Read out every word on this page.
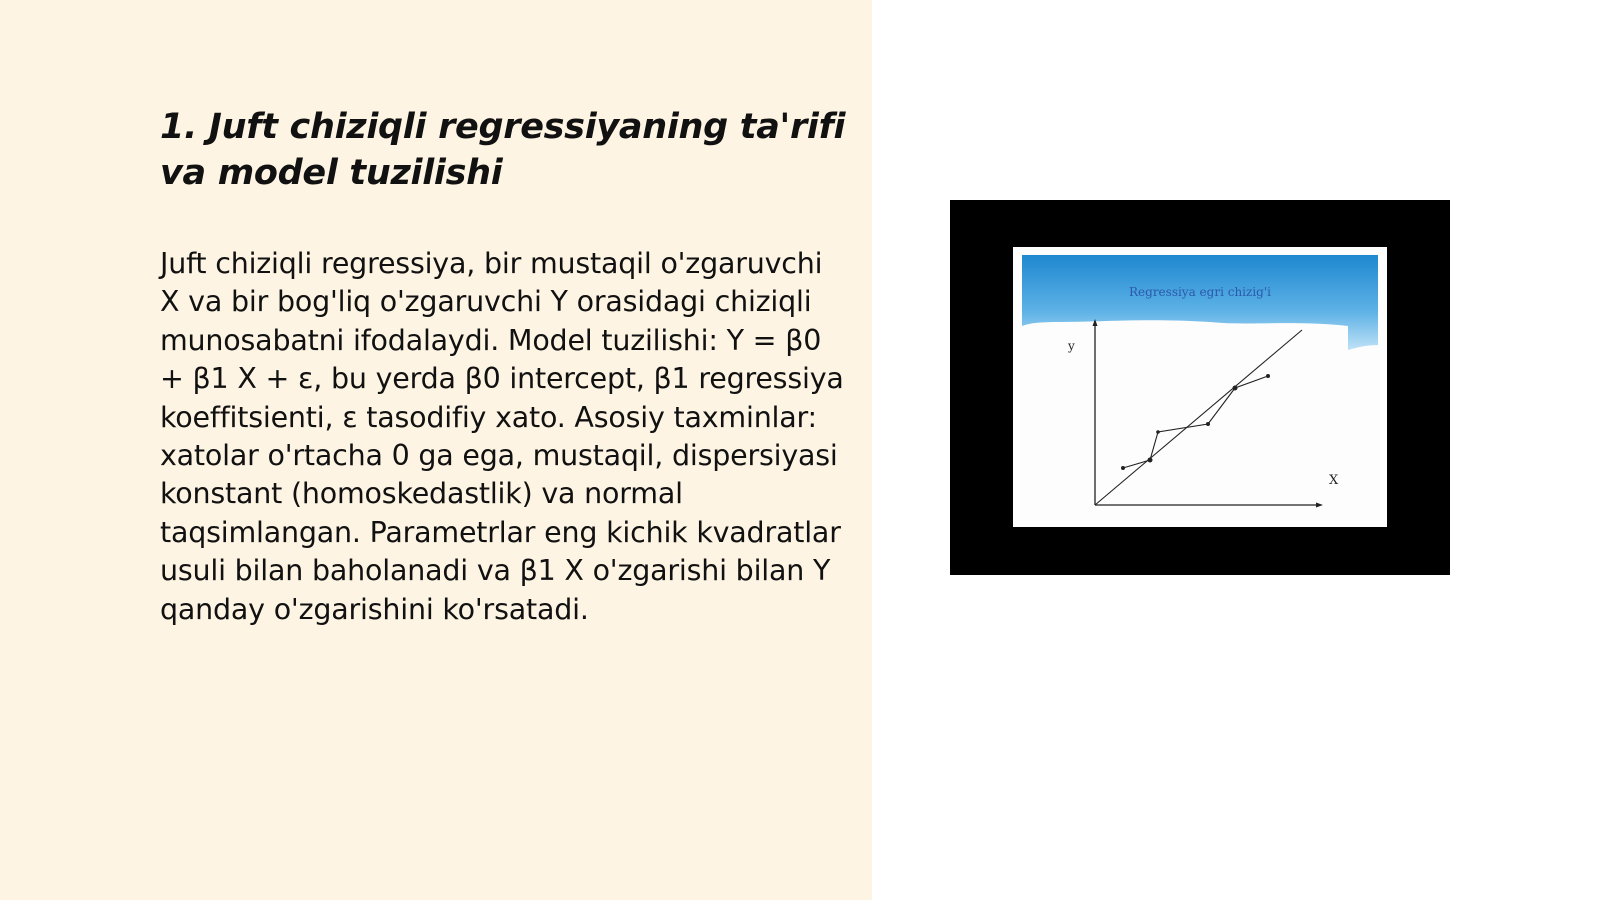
1. Juft chiziqli regressiyaning ta'rifi va model tuzilishi

Juft chiziqli regressiya, bir mustaqil o'zgaruvchi X va bir bog'liq o'zgaruvchi Y orasidagi chiziqli munosabatni ifodalaydi. Model tuzilishi: Y = β0 + β1 X + ε, bu yerda β0 intercept, β1 regressiya koeffitsienti, ε tasodifiy xato. Asosiy taxminlar: xatolar o'rtacha 0 ga ega, mustaqil, dispersiyasi konstant (homoskedastlik) va normal taqsimlangan. Parametrlar eng kichik kvadratlar usuli bilan baholanadi va β1 X o'zgarishi bilan Y qanday o'zgarishini ko'rsatadi.

Regressiya egri chizig'i
y
X
